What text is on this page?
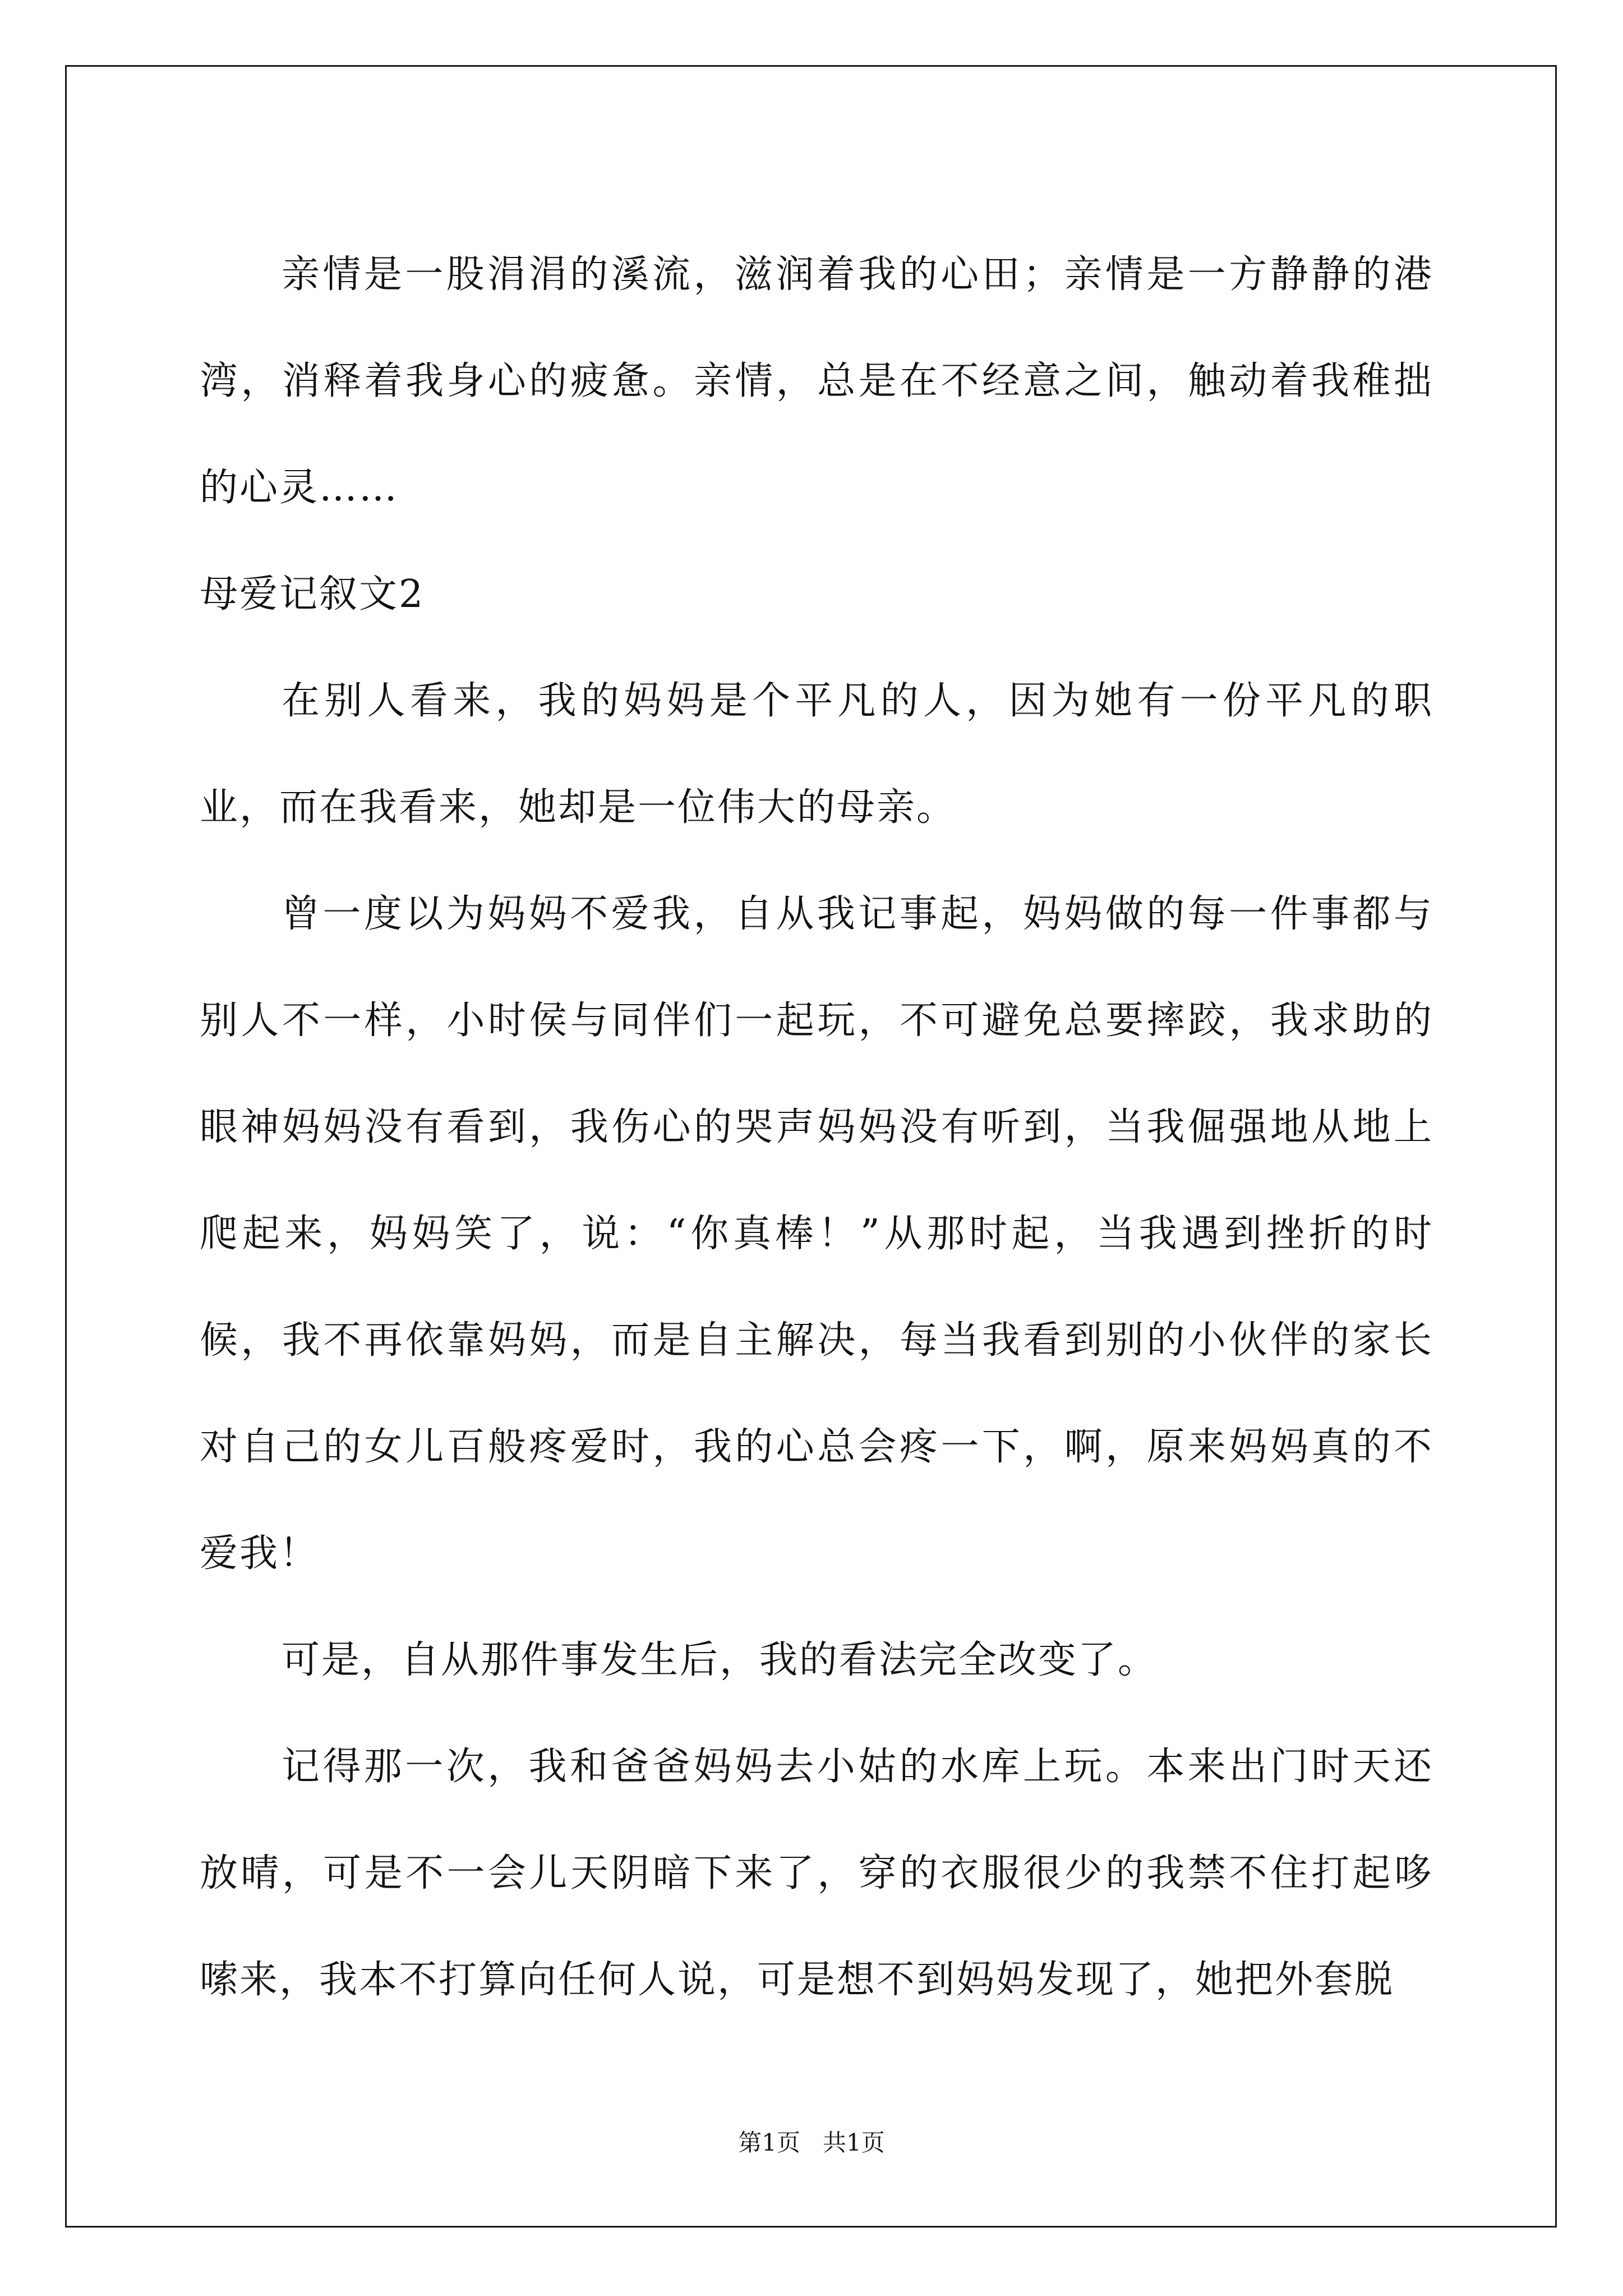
亲情是一股涓涓的溪流，滋润着我的心田；亲情是一方静静的港湾，消释着我身心的疲惫。亲情，总是在不经意之间，触动着我稚拙的心灵……

母爱记叙文2

在别人看来，我的妈妈是个平凡的人，因为她有一份平凡的职业，而在我看来，她却是一位伟大的母亲。

曾一度以为妈妈不爱我，自从我记事起，妈妈做的每一件事都与别人不一样，小时侯与同伴们一起玩，不可避免总要摔跤，我求助的眼神妈妈没有看到，我伤心的哭声妈妈没有听到，当我倔强地从地上爬起来，妈妈笑了，说：“你真棒！”从那时起，当我遇到挫折的时候，我不再依靠妈妈，而是自主解决，每当我看到别的小伙伴的家长对自己的女儿百般疼爱时，我的心总会疼一下，啊，原来妈妈真的不爱我！

可是，自从那件事发生后，我的看法完全改变了。

记得那一次，我和爸爸妈妈去小姑的水库上玩。本来出门时天还放晴，可是不一会儿天阴暗下来了，穿的衣服很少的我禁不住打起哆嗦来，我本不打算向任何人说，可是想不到妈妈发现了，她把外套脱

第1页   共1页
